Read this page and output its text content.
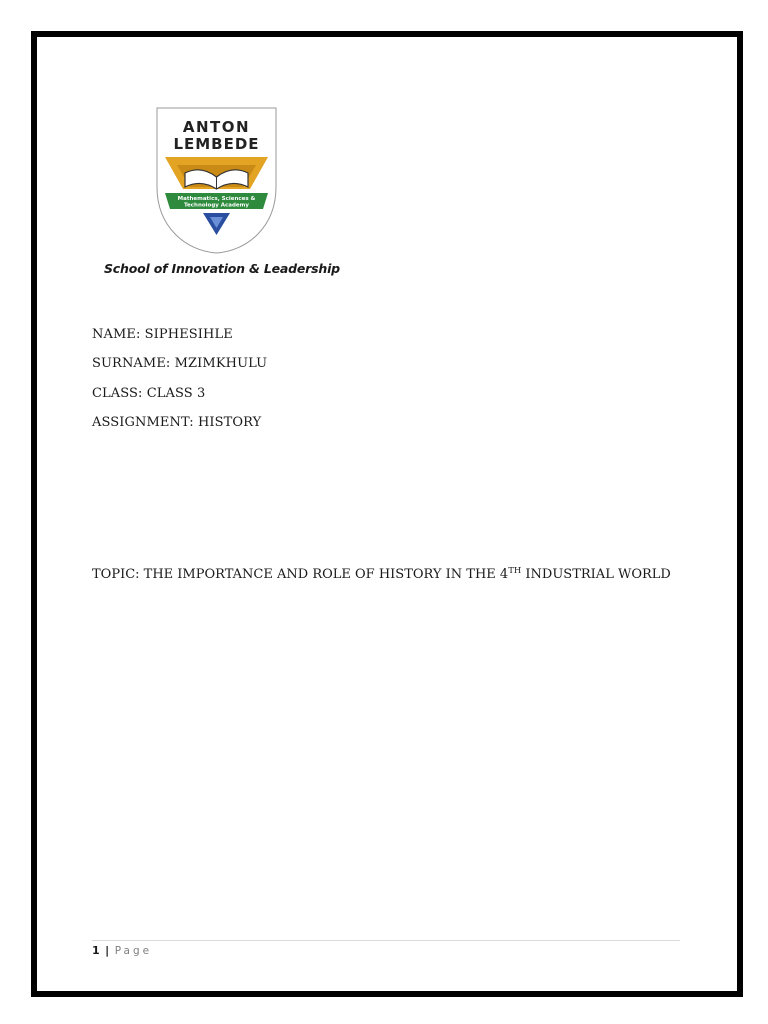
ANTON
LEMBEDE
Mathematics, Sciences &
Technology Academy
School of Innovation & Leadership
NAME: SIPHESIHLE
SURNAME: MZIMKHULU
CLASS: CLASS 3
ASSIGNMENT: HISTORY
TOPIC: THE IMPORTANCE AND ROLE OF HISTORY IN THE 4TH INDUSTRIAL WORLD
1 | Page
